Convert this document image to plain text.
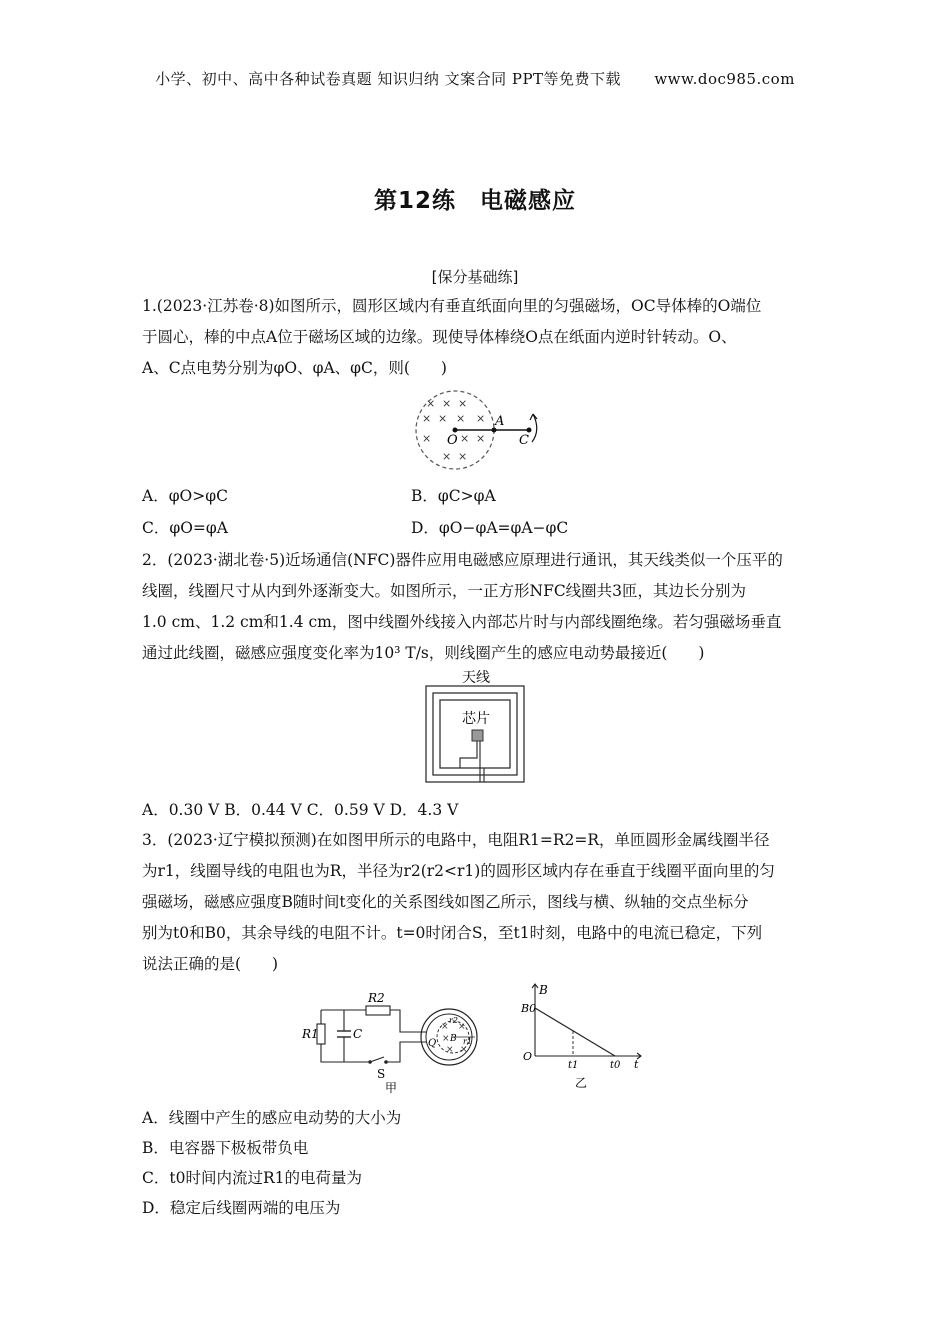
小学、初中、高中各种试卷真题 知识归纳 文案合同 PPT等免费下载 www.doc985.com
第12练　电磁感应
[保分基础练]
1.(2023·江苏卷·8)如图所示，圆形区域内有垂直纸面向里的匀强磁场，OC导体棒的O端位
于圆心，棒的中点A位于磁场区域的边缘。现使导体棒绕O点在纸面内逆时针转动。O、
A、C点电势分别为φO、φA、φC，则(　　)
× × ×
× × × ×
×	× ×
× ×
O
A
C
A．φO>φC	B．φC>φA
C．φO=φA	D．φO−φA=φA−φC
2．(2023·湖北卷·5)近场通信(NFC)器件应用电磁感应原理进行通讯，其天线类似一个压平的
线圈，线圈尺寸从内到外逐渐变大。如图所示，一正方形NFC线圈共3匝，其边长分别为
1.0 cm、1.2 cm和1.4 cm，图中线圈外线接入内部芯片时与内部线圈绝缘。若匀强磁场垂直
通过此线圈，磁感应强度变化率为10³ T/s，则线圈产生的感应电动势最接近(　　)
天线
芯片
A．0.30 V B．0.44 V C．0.59 V D．4.3 V
3．(2023·辽宁模拟预测)在如图甲所示的电路中，电阻R1=R2=R，单匝圆形金属线圈半径
为r1，线圈导线的电阻也为R，半径为r2(r2<r1)的圆形区域内存在垂直于线圈平面向里的匀
强磁场，磁感应强度B随时间t变化的关系图线如图乙所示，图线与横、纵轴的交点坐标分
别为t0和B0，其余导线的电阻不计。t=0时闭合S，至t1时刻，电路中的电流已稳定，下列
说法正确的是(　　)
R2
R1	C
S
甲
× ×
×
× ×
r2
B r1
Q
B
B0
O
t1	t0 t
乙
A．线圈中产生的感应电动势的大小为
B．电容器下极板带负电
C．t0时间内流过R1的电荷量为
D．稳定后线圈两端的电压为
